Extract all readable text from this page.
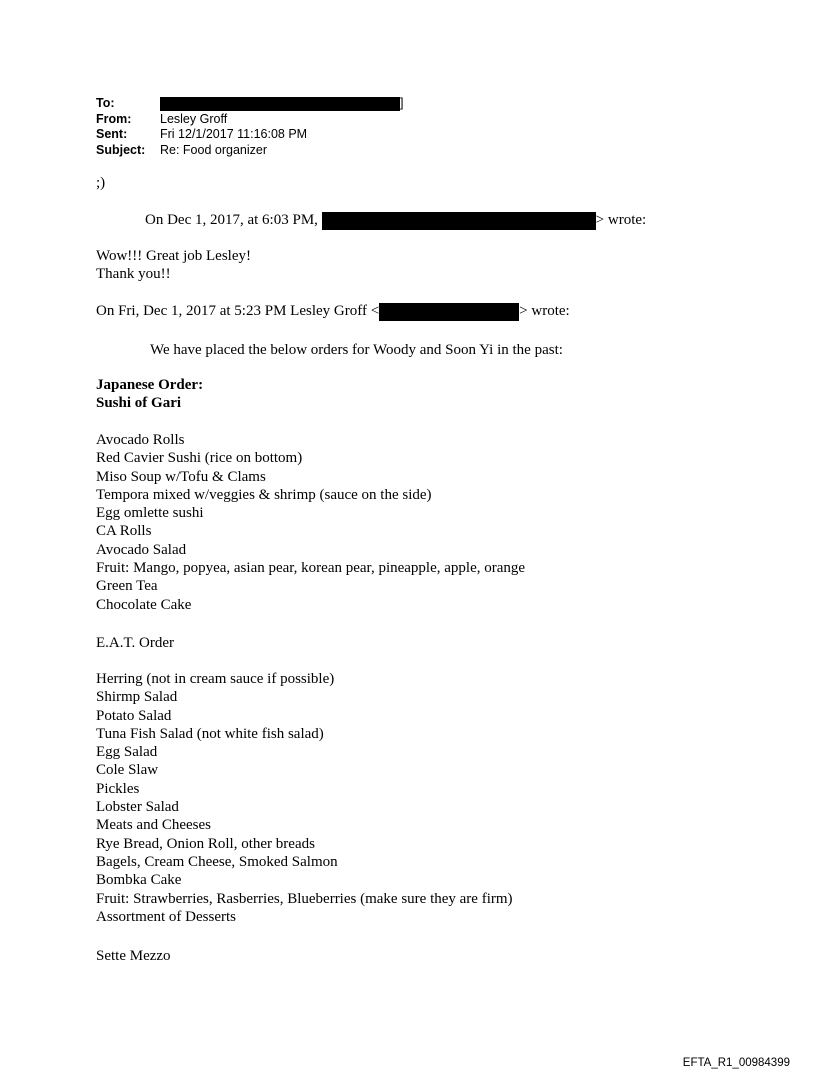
To:	]
From:	Lesley Groff
Sent:	Fri 12/1/2017 11:16:08 PM
Subject:	Re: Food organizer
;)
On Dec 1, 2017, at 6:03 PM,	> wrote:
Wow!!! Great job Lesley!
Thank you!!
On Fri, Dec 1, 2017 at 5:23 PM Lesley Groff <	> wrote:
We have placed the below orders for Woody and Soon Yi in the past:
Japanese Order:
Sushi of Gari
Avocado Rolls
Red Cavier Sushi (rice on bottom)
Miso Soup w/Tofu & Clams
Tempora mixed w/veggies & shrimp (sauce on the side)
Egg omlette sushi
CA Rolls
Avocado Salad
Fruit: Mango, popyea, asian pear, korean pear, pineapple, apple, orange
Green Tea
Chocolate Cake
E.A.T. Order
Herring (not in cream sauce if possible)
Shirmp Salad
Potato Salad
Tuna Fish Salad (not white fish salad)
Egg Salad
Cole Slaw
Pickles
Lobster Salad
Meats and Cheeses
Rye Bread, Onion Roll, other breads
Bagels, Cream Cheese, Smoked Salmon
Bombka Cake
Fruit: Strawberries, Rasberries, Blueberries (make sure they are firm)
Assortment of Desserts
Sette Mezzo
EFTA_R1_00984399
